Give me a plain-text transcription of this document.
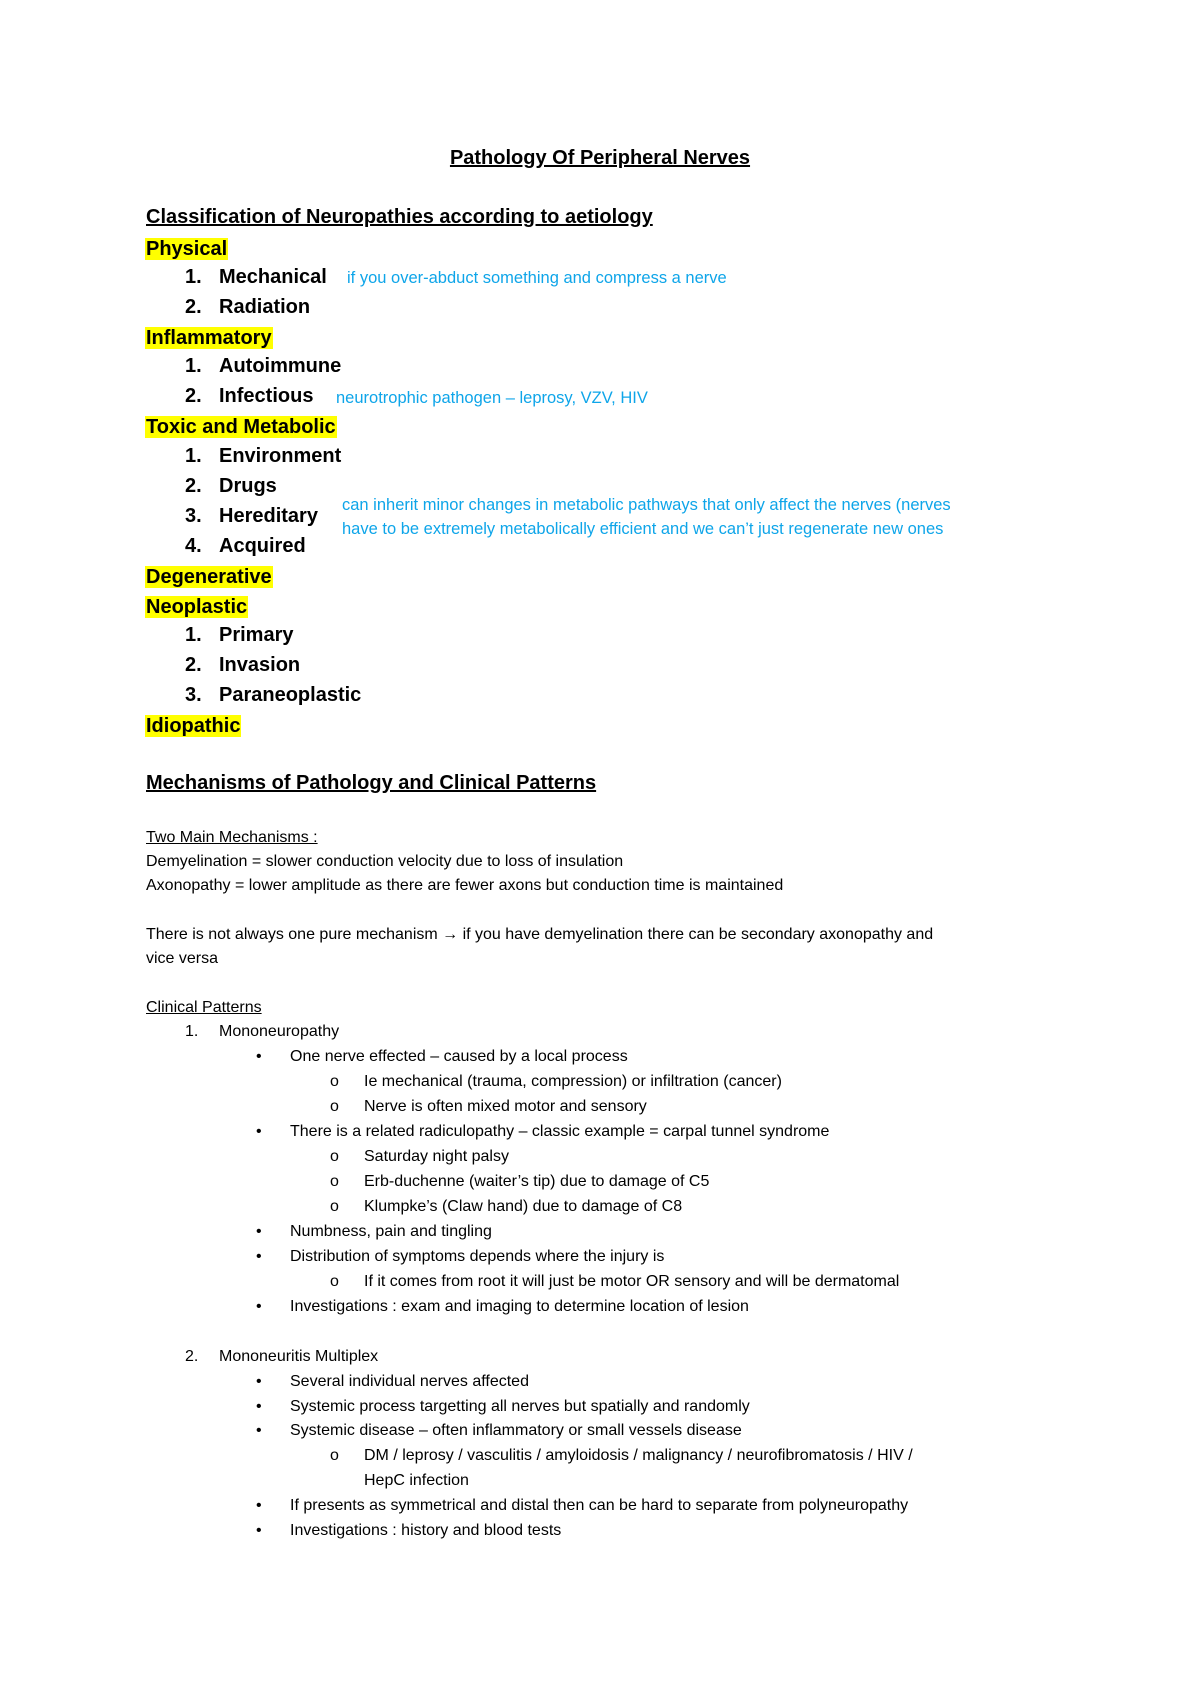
Pathology Of Peripheral Nerves
Classification of Neuropathies according to aetiology
Physical
1. Mechanical if you over-abduct something and compress a nerve
2. Radiation
Inflammatory
1. Autoimmune
2. Infectious neurotrophic pathogen – leprosy, VZV, HIV
Toxic and Metabolic
1. Environment
2. Drugs
3. Hereditary can inherit minor changes in metabolic pathways that only affect the nerves (nerves
have to be extremely metabolically efficient and we can’t just regenerate new ones
4. Acquired
Degenerative
Neoplastic
1. Primary
2. Invasion
3. Paraneoplastic
Idiopathic
Mechanisms of Pathology and Clinical Patterns
Two Main Mechanisms :
Demyelination = slower conduction velocity due to loss of insulation
Axonopathy = lower amplitude as there are fewer axons but conduction time is maintained
There is not always one pure mechanism → if you have demyelination there can be secondary axonopathy and
vice versa
Clinical Patterns
1. Mononeuropathy
• One nerve effected – caused by a local process
o Ie mechanical (trauma, compression) or infiltration (cancer)
o Nerve is often mixed motor and sensory
• There is a related radiculopathy – classic example = carpal tunnel syndrome
o Saturday night palsy
o Erb-duchenne (waiter’s tip) due to damage of C5
o Klumpke’s (Claw hand) due to damage of C8
• Numbness, pain and tingling
• Distribution of symptoms depends where the injury is
o If it comes from root it will just be motor OR sensory and will be dermatomal
• Investigations : exam and imaging to determine location of lesion
2. Mononeuritis Multiplex
• Several individual nerves affected
• Systemic process targetting all nerves but spatially and randomly
• Systemic disease – often inflammatory or small vessels disease
o DM / leprosy / vasculitis / amyloidosis / malignancy / neurofibromatosis / HIV /
HepC infection
• If presents as symmetrical and distal then can be hard to separate from polyneuropathy
• Investigations : history and blood tests
